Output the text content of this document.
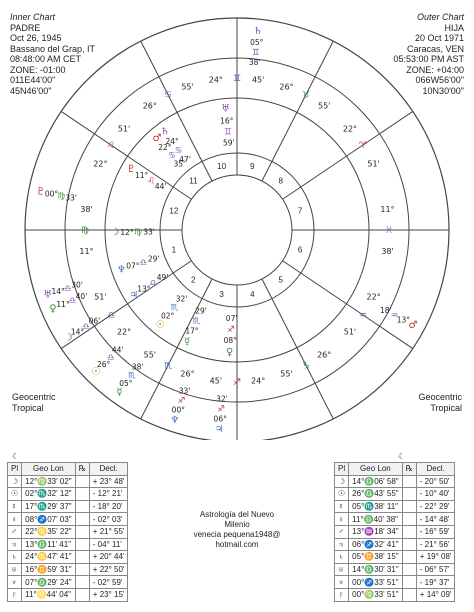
Inner Chart
PADRE
Oct 26, 1945
Bassano del Grap, IT
08:48:00 AM CET
ZONE: -01:00
011E44'00"
45N46'00"
Outer Chart
HIJA
20 Oct 1971
Caracas, VEN
05:53:00 PM AST
ZONE: +04:00
066W56'00"
10N30'00"
1
2
3	4
5
6
7
8
9
10
11
12
11°
♍
38'
22°
♎
51'
26°
♏
55'
24°
♐
45'
26°
♑
55'
22°
♒
51'
11°
♓
38'
22°
♈
51'
26°
♉
55'
24° ♊ 45'
26°
♋
55'
22°
♌
51'
☉
02°
♏
32'
☽ 12° ♍ 33'
☿
17°
♏
29'
♀
08°
♐
07'
♂
22°
♋
35'
♃
13°
♎
49'
♄
24°
♋
47'
♅
16°
♊
59'
♆ 07° ♎ 29'
♇
11°
♌ 44'
☉
26°
♎
44'
☽
14°
♎
06'
☿
05°
♏
38'
♀ 11°
♎ 40'
♂
13°
♒
18'
♃
06°
♐
32'
♄
05°
♊
38'
♅ 14° ♎ 30'
♆
00°
♐
33'
♇ 00° ♍ 33'
Geocentric
Tropical
Geocentric
Tropical
☾	☾
Pl	Geo Lon	℞	Decl.
☽	12°♍33' 02"		+ 23° 48'
☉	02°♏32' 12"		- 12° 21'
☿	17°♏29' 37"		- 18° 20'
♀	08°♐07' 03"		- 02° 03'
♂	22°♋35' 22"		+ 21° 55'
♃	13°♎11' 41"		- 04° 11'
♄	24°♋47' 41"		+ 20° 44'
♅	16°♊59' 31"		+ 22° 50'
♆	07°♎29' 24"		- 02° 59'
♇	11°♌44' 04"		+ 23° 15'
Pl	Geo Lon	℞	Decl.
☽	14°♎06' 58"		- 20° 50'
☉	26°♎43' 55"		- 10° 40'
☿	05°♏38' 11"		- 22° 29'
♀	11°♎40' 38"		- 14° 48'
♂	13°♒18' 34"		- 16° 59'
♃	06°♐32' 41"		- 21° 56'
♄	05°♊38' 15"		+ 19° 08'
♅	14°♎30' 31"		- 06° 57'
♆	00°♐33' 51"		- 19° 37'
♇	00°♍33' 51"		+ 14° 09'
Astrología del Nuevo
Milenio
venecia pequena1948@
hotmail.com
